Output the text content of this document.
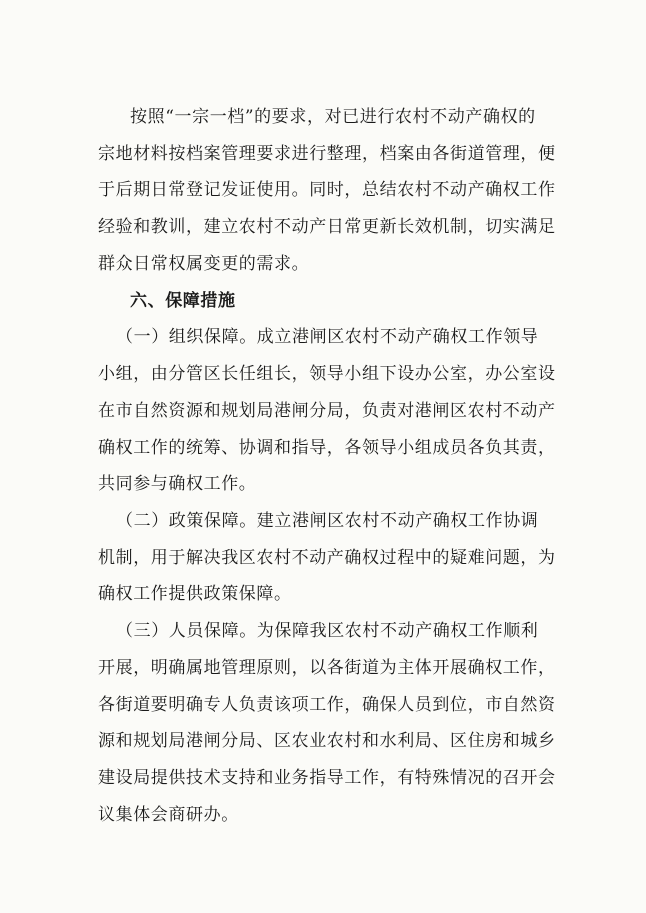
按照“一宗一档”的要求，对已进行农村不动产确权的
宗地材料按档案管理要求进行整理，档案由各街道管理，便
于后期日常登记发证使用。同时，总结农村不动产确权工作
经验和教训，建立农村不动产日常更新长效机制，切实满足
群众日常权属变更的需求。
六、保障措施
（一）组织保障。成立港闸区农村不动产确权工作领导
小组，由分管区长任组长，领导小组下设办公室，办公室设
在市自然资源和规划局港闸分局，负责对港闸区农村不动产
确权工作的统筹、协调和指导，各领导小组成员各负其责，
共同参与确权工作。
（二）政策保障。建立港闸区农村不动产确权工作协调
机制，用于解决我区农村不动产确权过程中的疑难问题，为
确权工作提供政策保障。
（三）人员保障。为保障我区农村不动产确权工作顺利
开展，明确属地管理原则，以各街道为主体开展确权工作，
各街道要明确专人负责该项工作，确保人员到位，市自然资
源和规划局港闸分局、区农业农村和水利局、区住房和城乡
建设局提供技术支持和业务指导工作，有特殊情况的召开会
议集体会商研办。
